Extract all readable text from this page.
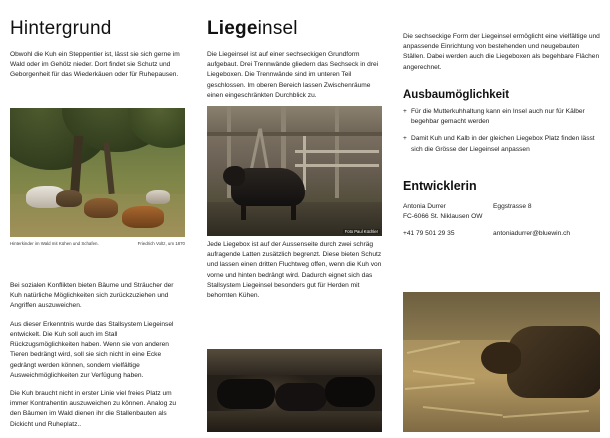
Hintergrund

Obwohl die Kuh ein Steppentier ist, lässt sie sich gerne im Wald oder im Gehölz nieder. Dort findet sie Schutz und Geborgenheit für das Wiederkäuen oder für Ruhepausen.

Hinterkinder im Wald mit Kühen und Schafen.	Friedrich Voltz, um 1870

Bei sozialen Konflikten bieten Bäume und Sträucher der Kuh natürliche Möglichkeiten sich zurückzuziehen und Angriffen auszuweichen.

Aus dieser Erkenntnis wurde das Stallsystem Liegeinsel entwickelt. Die Kuh soll auch im Stall Rückzugsmöglichkeiten haben. Wenn sie von anderen Tieren bedrängt wird, soll sie sich nicht in eine Ecke gedrängt werden können, sondern vielfältige Ausweichmöglichkeiten zur Verfügung haben.

Die Kuh braucht nicht in erster Linie viel freies Platz um immer Kontrahentin auszuweichen zu können. Analog zu den Bäumen im Wald dienen ihr die Stallenbauten als Dickicht und Ruheplatz..

Liegeinsel

Die Liegeinsel ist auf einer sechseckigen Grundform aufgebaut. Drei Trennwände gliedern das Sechseck in drei Liegeboxen. Die Trennwände sind im unteren Teil geschlossen. Im oberen Bereich lassen Zwischenräume einen eingeschränkten Durchblick zu.

Foto Paul Küchler

Jede Liegebox ist auf der Aussenseite durch zwei schräg aufragende Latten zusätzlich begrenzt. Diese bieten Schutz und lassen einen dritten Fluchtweg offen, wenn die Kuh von vorne und hinten bedrängt wird. Dadurch eignet sich das Stallsystem Liegeinsel besonders gut für Herden mit behornten Kühen.

Die sechseckige Form der Liegeinsel ermöglicht eine vielfältige und anpassende Einrichtung von bestehenden und neugebauten Ställen. Dabei werden auch die Liegeboxen als begehbare Flächen angerechnet.

Ausbaumöglichkeit
+ Für die Mutterkuhhaltung kann ein Insel auch nur für Kälber begehbar gemacht werden
+ Damit Kuh und Kalb in der gleichen Liegebox Platz finden lässt sich die Grösse der Liegeinsel anpassen
Entwicklerin
Antonia Durrer	Eggstrasse 8
FC-6066 St. Niklausen OW
+41 79 501 29 35	antoniadurrer@bluewin.ch
